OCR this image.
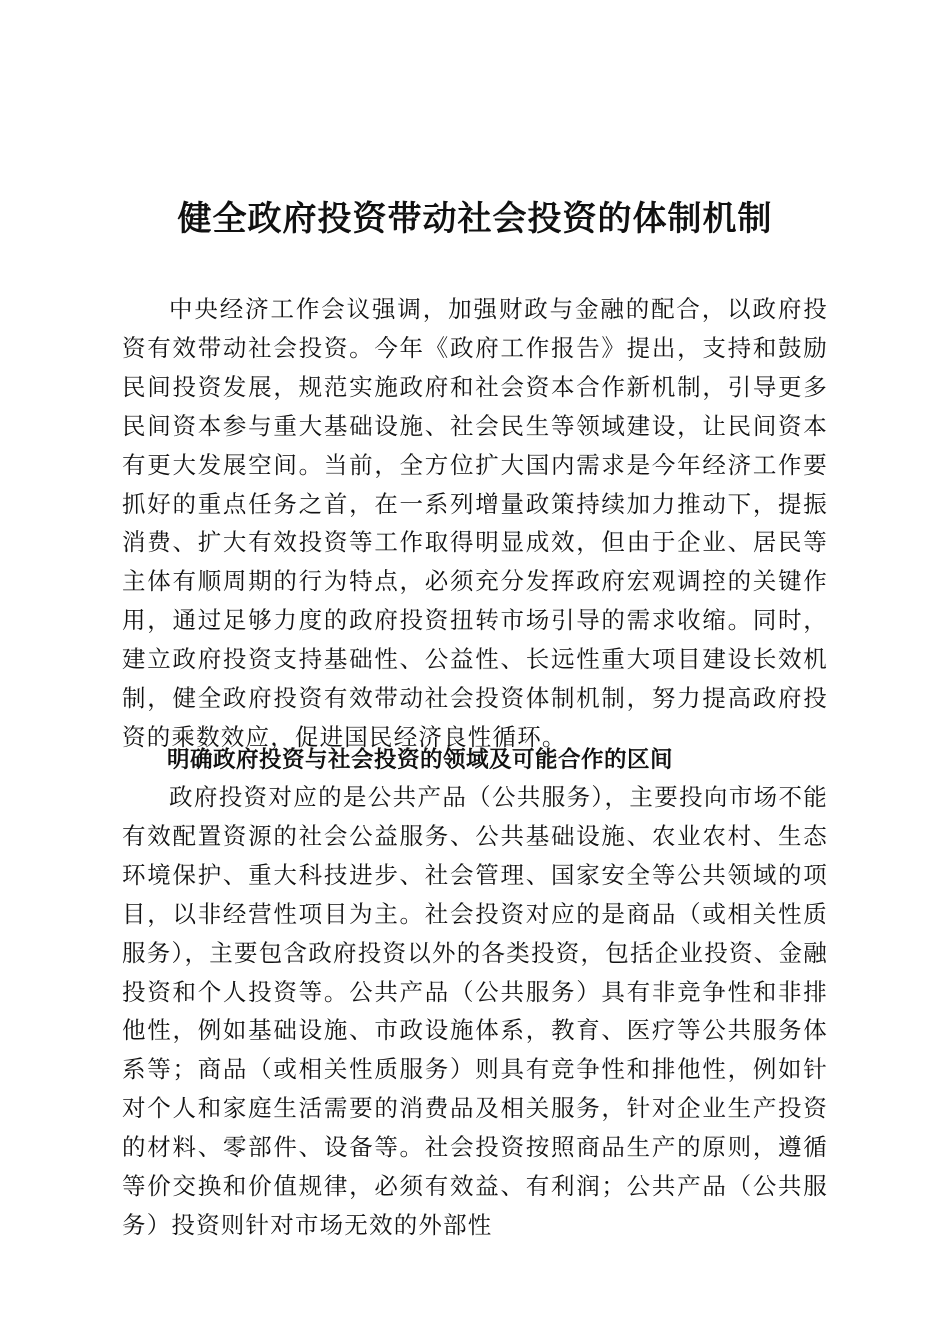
健全政府投资带动社会投资的体制机制

中央经济工作会议强调，加强财政与金融的配合，以政府投资有效带动社会投资。今年《政府工作报告》提出，支持和鼓励民间投资发展，规范实施政府和社会资本合作新机制，引导更多民间资本参与重大基础设施、社会民生等领域建设，让民间资本有更大发展空间。当前，全方位扩大国内需求是今年经济工作要抓好的重点任务之首，在一系列增量政策持续加力推动下，提振消费、扩大有效投资等工作取得明显成效，但由于企业、居民等主体有顺周期的行为特点，必须充分发挥政府宏观调控的关键作用，通过足够力度的政府投资扭转市场引导的需求收缩。同时，建立政府投资支持基础性、公益性、长远性重大项目建设长效机制，健全政府投资有效带动社会投资体制机制，努力提高政府投资的乘数效应，促进国民经济良性循环。

明确政府投资与社会投资的领域及可能合作的区间

政府投资对应的是公共产品（公共服务），主要投向市场不能有效配置资源的社会公益服务、公共基础设施、农业农村、生态环境保护、重大科技进步、社会管理、国家安全等公共领域的项目，以非经营性项目为主。社会投资对应的是商品（或相关性质服务），主要包含政府投资以外的各类投资，包括企业投资、金融投资和个人投资等。公共产品（公共服务）具有非竞争性和非排他性，例如基础设施、市政设施体系，教育、医疗等公共服务体系等；商品（或相关性质服务）则具有竞争性和排他性，例如针对个人和家庭生活需要的消费品及相关服务，针对企业生产投资的材料、零部件、设备等。社会投资按照商品生产的原则，遵循等价交换和价值规律，必须有效益、有利润；公共产品（公共服务）投资则针对市场无效的外部性
